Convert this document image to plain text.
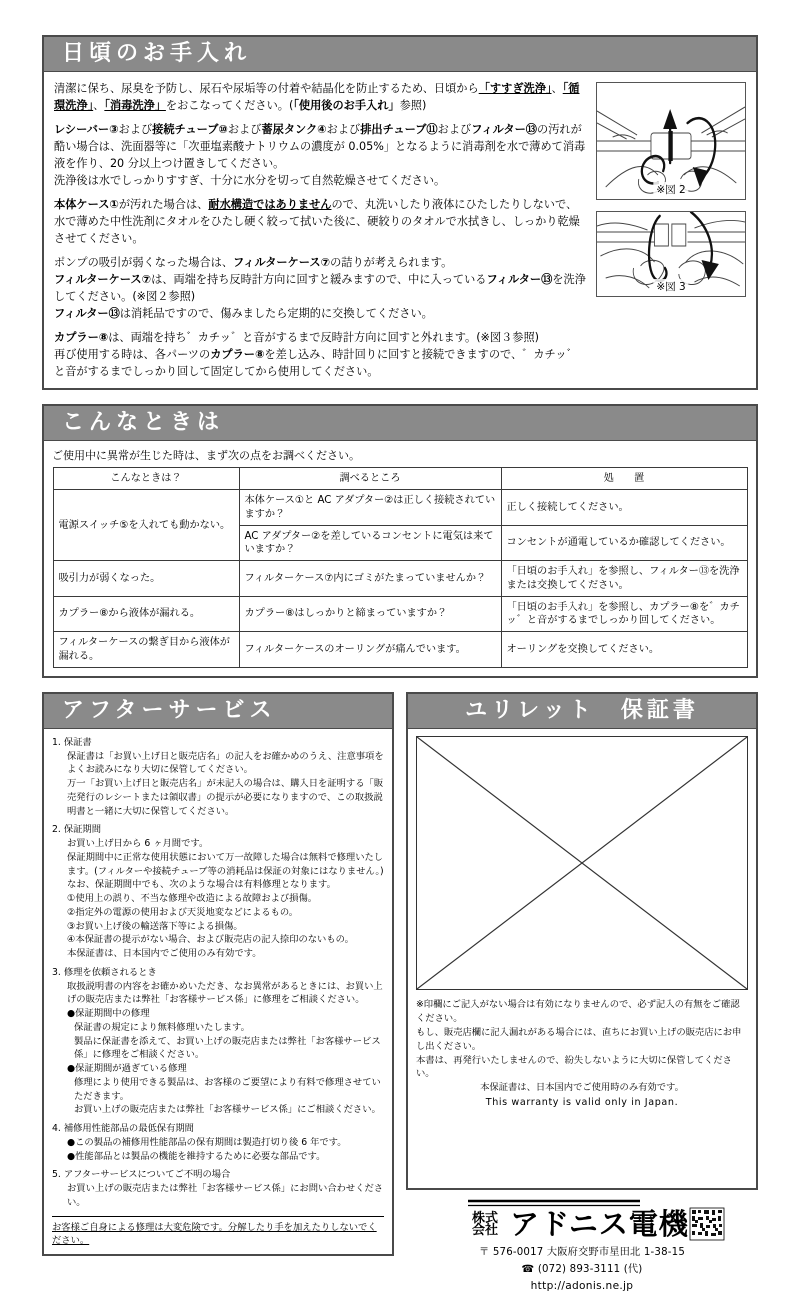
日頃のお手入れ

清潔に保ち、尿臭を予防し、尿石や尿垢等の付着や結晶化を防止するため、日頃から「すすぎ洗浄」、「循環洗浄」、「消毒洗浄」をおこなってください。(「使用後のお手入れ」参照)

レシーバー③および接続チューブ⑩および蓄尿タンク④および排出チューブ⑪およびフィルター⑬の汚れが酷い場合は、洗面器等に「次亜塩素酸ナトリウムの濃度が 0.05%」となるように消毒剤を水で薄めて消毒液を作り、20 分以上つけ置きしてください。
洗浄後は水でしっかりすすぎ、十分に水分を切って自然乾燥させてください。

本体ケース①が汚れた場合は、耐水構造ではありませんので、丸洗いしたり液体にひたしたりしないで、水で薄めた中性洗剤にタオルをひたし硬く絞って拭いた後に、硬絞りのタオルで水拭きし、しっかり乾燥させてください。

ポンプの吸引が弱くなった場合は、フィルターケース⑦の詰りが考えられます。
フィルターケース⑦は、両端を持ち反時計方向に回すと緩みますので、中に入っているフィルター⑬を洗浄してください。(※図２参照)
フィルター⑬は消耗品ですので、傷みましたら定期的に交換してください。

カプラー⑧は、両端を持ち゛カチッ゛と音がするまで反時計方向に回すと外れます。(※図３参照)
再び使用する時は、各パーツのカプラー⑧を差し込み、時計回りに回すと接続できますので、゛カチッ゛と音がするまでしっかり回して固定してから使用してください。

※図 2
※図 3
こんなときは
ご使用中に異常が生じた時は、まず次の点をお調べください。
こんなときは？	調べるところ	処　　置
電源スイッチ⑤を入れても動かない。	本体ケース①と AC アダプター②は正しく接続されていますか？	正しく接続してください。
	AC アダプター②を差しているコンセントに電気は来ていますか？	コンセントが通電しているか確認してください。
吸引力が弱くなった。	フィルターケース⑦内にゴミがたまっていませんか？	「日頃のお手入れ」を参照し、フィルター⑬を洗浄または交換してください。
カプラー⑧から液体が漏れる。	カプラー⑧はしっかりと締まっていますか？	「日頃のお手入れ」を参照し、カプラー⑧を゛カチッ゛と音がするまでしっかり回してください。
フィルターケースの繋ぎ目から液体が漏れる。	フィルターケースのオーリングが痛んでいます。	オーリングを交換してください。
アフターサービス
1. 保証書
保証書は「お買い上げ日と販売店名」の記入をお確かめのうえ、注意事項をよくお読みになり大切に保管してください。
万一「お買い上げ日と販売店名」が未記入の場合は、購入日を証明する「販売発行のレシートまたは領収書」の提示が必要になりますので、この取扱説明書と一緒に大切に保管してください。
2. 保証期間
お買い上げ日から 6 ヶ月間です。
保証期間中に正常な使用状態において万一故障した場合は無料で修理いたします。(フィルターや接続チューブ等の消耗品は保証の対象にはなりません。)
なお、保証期間中でも、次のような場合は有料修理となります。
①使用上の誤り、不当な修理や改造による故障および損傷。
②指定外の電源の使用および天災地変などによるもの。
③お買い上げ後の輸送落下等による損傷。
④本保証書の提示がない場合、および販売店の記入捺印のないもの。
本保証書は、日本国内でご使用のみ有効です。
3. 修理を依頼されるとき
取扱説明書の内容をお確かめいただき、なお異常があるときには、お買い上げの販売店または弊社「お客様サービス係」に修理をご相談ください。
●保証期間中の修理
保証書の規定により無料修理いたします。
製品に保証書を添えて、お買い上げの販売店または弊社「お客様サービス係」に修理をご相談ください。
●保証期間が過ぎている修理
修理により使用できる製品は、お客様のご要望により有料で修理させていただきます。
お買い上げの販売店または弊社「お客様サービス係」にご相談ください。
4. 補修用性能部品の最低保有期間
●この製品の補修用性能部品の保有期間は製造打切り後 6 年です。
●性能部品とは製品の機能を維持するために必要な部品です。
5. アフターサービスについてご不明の場合
お買い上げの販売店または弊社「お客様サービス係」にお問い合わせください。
お客様ご自身による修理は大変危険です。分解したり手を加えたりしないでください。
ユリレット　保証書
※印欄にご記入がない場合は有効になりませんので、必ず記入の有無をご確認ください。
もし、販売店欄に記入漏れがある場合には、直ちにお買い上げの販売店にお申し出ください。
本書は、再発行いたしませんので、紛失しないように大切に保管してください。
本保証書は、日本国内でご使用時のみ有効です。
This warranty is valid only in Japan.
株式
会社 アドニス電機
〒 576-0017 大阪府交野市星田北 1-38-15
☎ (072) 893-3111 (代)
http://adonis.ne.jp
